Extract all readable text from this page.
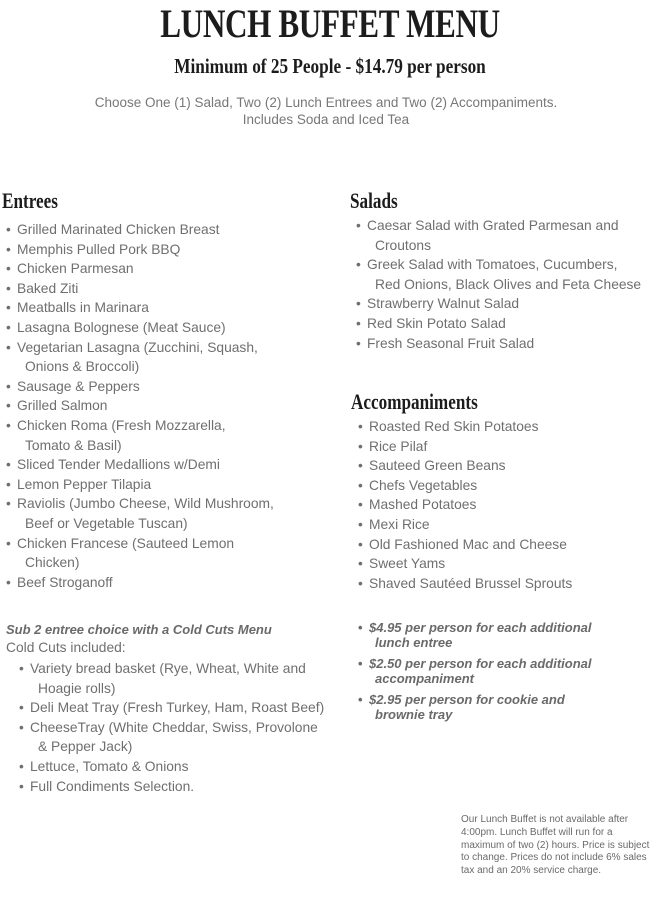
LUNCH BUFFET MENU
Minimum of 25 People - $14.79 per person
Choose One (1) Salad, Two (2) Lunch Entrees and Two (2) Accompaniments.
Includes Soda and Iced Tea
Entrees
• Grilled Marinated Chicken Breast
• Memphis Pulled Pork BBQ
• Chicken Parmesan
• Baked Ziti
• Meatballs in Marinara
• Lasagna Bolognese (Meat Sauce)
• Vegetarian Lasagna (Zucchini, Squash,
Onions & Broccoli)
• Sausage & Peppers
• Grilled Salmon
• Chicken Roma (Fresh Mozzarella,
Tomato & Basil)
• Sliced Tender Medallions w/Demi
• Lemon Pepper Tilapia
• Raviolis (Jumbo Cheese, Wild Mushroom,
Beef or Vegetable Tuscan)
• Chicken Francese (Sauteed Lemon
Chicken)
• Beef Stroganoff
Salads
• Caesar Salad with Grated Parmesan and
Croutons
• Greek Salad with Tomatoes, Cucumbers,
Red Onions, Black Olives and Feta Cheese
• Strawberry Walnut Salad
• Red Skin Potato Salad
• Fresh Seasonal Fruit Salad
Accompaniments
• Roasted Red Skin Potatoes
• Rice Pilaf
• Sauteed Green Beans
• Chefs Vegetables
• Mashed Potatoes
• Mexi Rice
• Old Fashioned Mac and Cheese
• Sweet Yams
• Shaved Sautéed Brussel Sprouts
Sub 2 entree choice with a Cold Cuts Menu
Cold Cuts included:
• Variety bread basket (Rye, Wheat, White and
Hoagie rolls)
• Deli Meat Tray (Fresh Turkey, Ham, Roast Beef)
• CheeseTray (White Cheddar, Swiss, Provolone
& Pepper Jack)
• Lettuce, Tomato & Onions
• Full Condiments Selection.
• $4.95 per person for each additional
lunch entree
• $2.50 per person for each additional
accompaniment
• $2.95 per person for cookie and
brownie tray
Our Lunch Buffet is not available after 4:00pm. Lunch Buffet will run for a maximum of two (2) hours. Price is subject to change. Prices do not include 6% sales tax and an 20% service charge.
